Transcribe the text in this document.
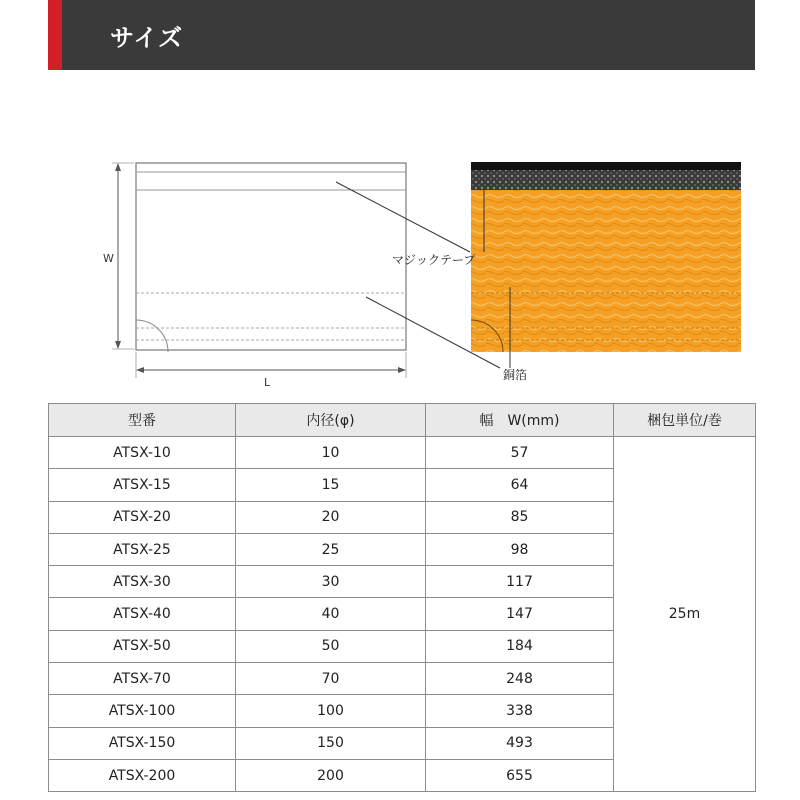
サイズ
W
L
マジックテープ
銅箔
型番	内径(φ)	幅　W(mm)	梱包単位/巻
ATSX-10	10	57	25m
ATSX-15	15	64	
ATSX-20	20	85	
ATSX-25	25	98	
ATSX-30	30	117	
ATSX-40	40	147	
ATSX-50	50	184	
ATSX-70	70	248	
ATSX-100	100	338	
ATSX-150	150	493	
ATSX-200	200	655	
